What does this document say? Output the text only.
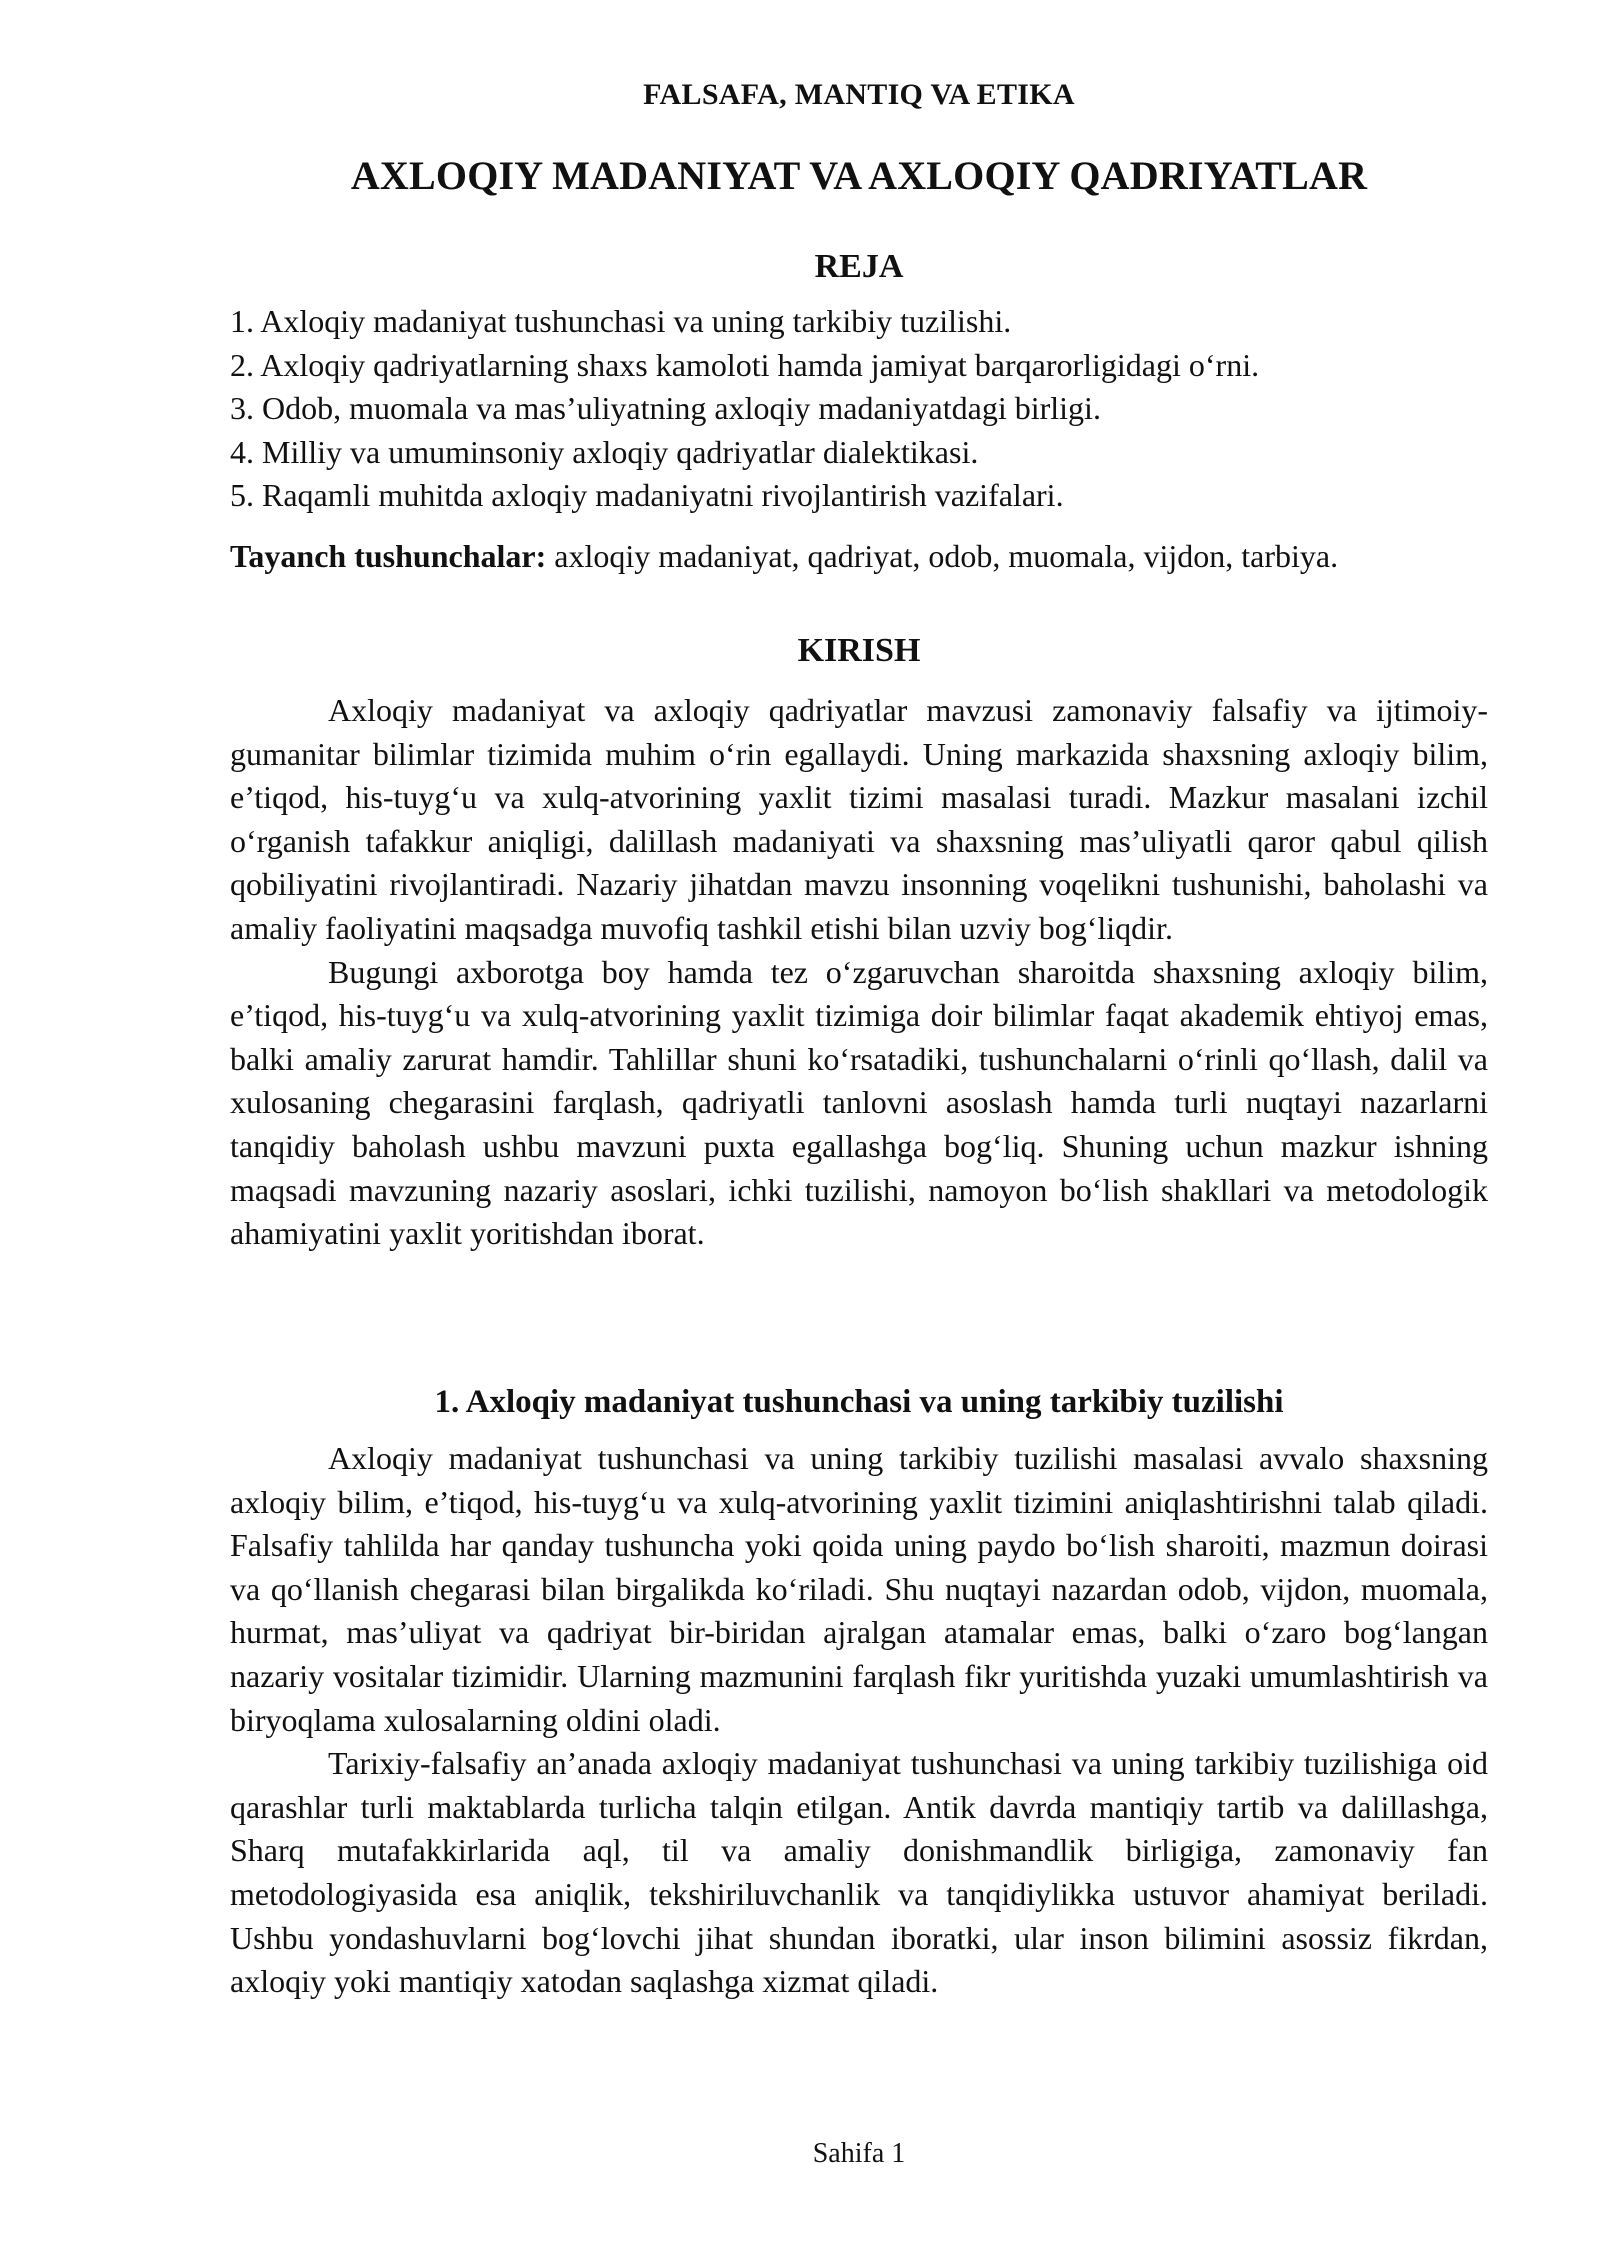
FALSAFA, MANTIQ VA ETIKA
AXLOQIY MADANIYAT VA AXLOQIY QADRIYATLAR
REJA
1. Axloqiy madaniyat tushunchasi va uning tarkibiy tuzilishi.
2. Axloqiy qadriyatlarning shaxs kamoloti hamda jamiyat barqarorligidagi o‘rni.
3. Odob, muomala va mas’uliyatning axloqiy madaniyatdagi birligi.
4. Milliy va umuminsoniy axloqiy qadriyatlar dialektikasi.
5. Raqamli muhitda axloqiy madaniyatni rivojlantirish vazifalari.

Tayanch tushunchalar: axloqiy madaniyat, qadriyat, odob, muomala, vijdon, tarbiya.

KIRISH

Axloqiy madaniyat va axloqiy qadriyatlar mavzusi zamonaviy falsafiy va ijtimoiy-gumanitar bilimlar tizimida muhim o‘rin egallaydi. Uning markazida shaxsning axloqiy bilim, e’tiqod, his-tuyg‘u va xulq-atvorining yaxlit tizimi masalasi turadi. Mazkur masalani izchil o‘rganish tafakkur aniqligi, dalillash madaniyati va shaxsning mas’uliyatli qaror qabul qilish qobiliyatini rivojlantiradi. Nazariy jihatdan mavzu insonning voqelikni tushunishi, baholashi va amaliy faoliyatini maqsadga muvofiq tashkil etishi bilan uzviy bog‘liqdir.

Bugungi axborotga boy hamda tez o‘zgaruvchan sharoitda shaxsning axloqiy bilim, e’tiqod, his-tuyg‘u va xulq-atvorining yaxlit tizimiga doir bilimlar faqat akademik ehtiyoj emas, balki amaliy zarurat hamdir. Tahlillar shuni ko‘rsatadiki, tushunchalarni o‘rinli qo‘llash, dalil va xulosaning chegarasini farqlash, qadriyatli tanlovni asoslash hamda turli nuqtayi nazarlarni tanqidiy baholash ushbu mavzuni puxta egallashga bog‘liq. Shuning uchun mazkur ishning maqsadi mavzuning nazariy asoslari, ichki tuzilishi, namoyon bo‘lish shakllari va metodologik ahamiyatini yaxlit yoritishdan iborat.

1. Axloqiy madaniyat tushunchasi va uning tarkibiy tuzilishi

Axloqiy madaniyat tushunchasi va uning tarkibiy tuzilishi masalasi avvalo shaxsning axloqiy bilim, e’tiqod, his-tuyg‘u va xulq-atvorining yaxlit tizimini aniqlashtirishni talab qiladi. Falsafiy tahlilda har qanday tushuncha yoki qoida uning paydo bo‘lish sharoiti, mazmun doirasi va qo‘llanish chegarasi bilan birgalikda ko‘riladi. Shu nuqtayi nazardan odob, vijdon, muomala, hurmat, mas’uliyat va qadriyat bir-biridan ajralgan atamalar emas, balki o‘zaro bog‘langan nazariy vositalar tizimidir. Ularning mazmunini farqlash fikr yuritishda yuzaki umumlashtirish va biryoqlama xulosalarning oldini oladi.

Tarixiy-falsafiy an’anada axloqiy madaniyat tushunchasi va uning tarkibiy tuzilishiga oid qarashlar turli maktablarda turlicha talqin etilgan. Antik davrda mantiqiy tartib va dalillashga, Sharq mutafakkirlarida aql, til va amaliy donishmandlik birligiga, zamonaviy fan metodologiyasida esa aniqlik, tekshiriluvchanlik va tanqidiylikka ustuvor ahamiyat beriladi. Ushbu yondashuvlarni bog‘lovchi jihat shundan iboratki, ular inson bilimini asossiz fikrdan, axloqiy yoki mantiqiy xatodan saqlashga xizmat qiladi.

Sahifa 1
